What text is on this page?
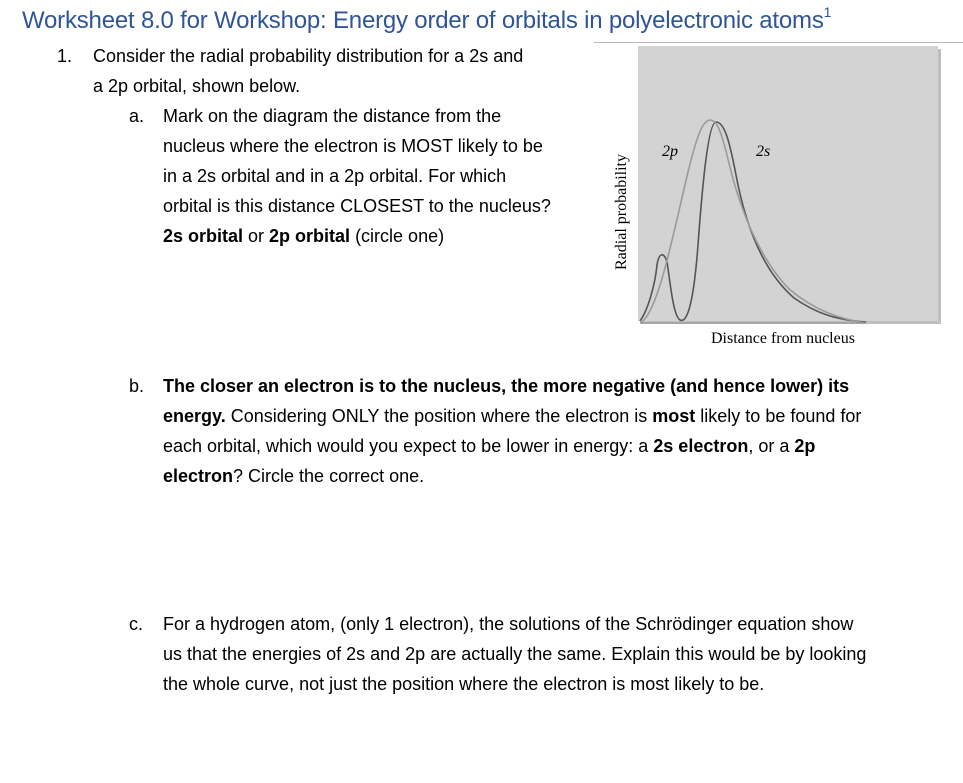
Worksheet 8.0 for Workshop: Energy order of orbitals in polyelectronic atoms$^1$
1. Consider the radial probability distribution for a 2s and
a 2p orbital, shown below.
a. Mark on the diagram the distance from the
nucleus where the electron is MOST likely to be
in a 2s orbital and in a 2p orbital. For which
orbital is this distance CLOSEST to the nucleus?
2s orbital or 2p orbital (circle one)
2p	2s
Radial probability
Distance from nucleus
b. The closer an electron is to the nucleus, the more negative (and hence lower) its
energy. Considering ONLY the position where the electron is most likely to be found for
each orbital, which would you expect to be lower in energy: a 2s electron, or a 2p
electron? Circle the correct one.
c. For a hydrogen atom, (only 1 electron), the solutions of the Schrödinger equation show
us that the energies of 2s and 2p are actually the same. Explain this would be by looking
the whole curve, not just the position where the electron is most likely to be.
